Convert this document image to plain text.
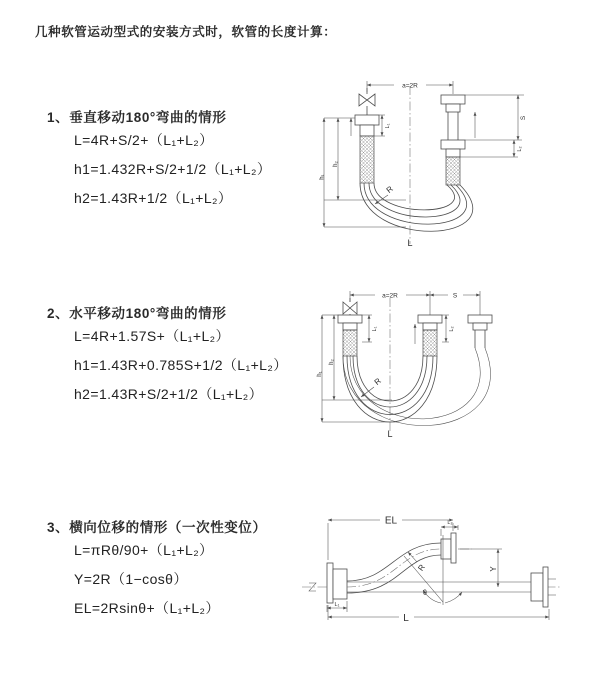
几种软管运动型式的安装方式时，软管的长度计算：
1、垂直移动180°弯曲的情形
L=4R+S/2+（L₁+L₂）
h1=1.432R+S/2+1/2（L₁+L₂）
h2=1.43R+1/2（L₁+L₂）
2、水平移动180°弯曲的情形
L=4R+1.57S+（L₁+L₂）
h1=1.43R+0.785S+1/2（L₁+L₂）
h2=1.43R+S/2+1/2（L₁+L₂）
3、横向位移的情形（一次性变位）
L=πRθ/90+（L₁+L₂）
Y=2R（1−cosθ）
EL=2Rsinθ+（L₁+L₂）
a=2R
R
h₁
h₂
L₁
S
L₂
L
a=2R	S
R
h₁
h₂
L₁	L₂
L
EL	L₂
Y
θ
R
L₁
L
